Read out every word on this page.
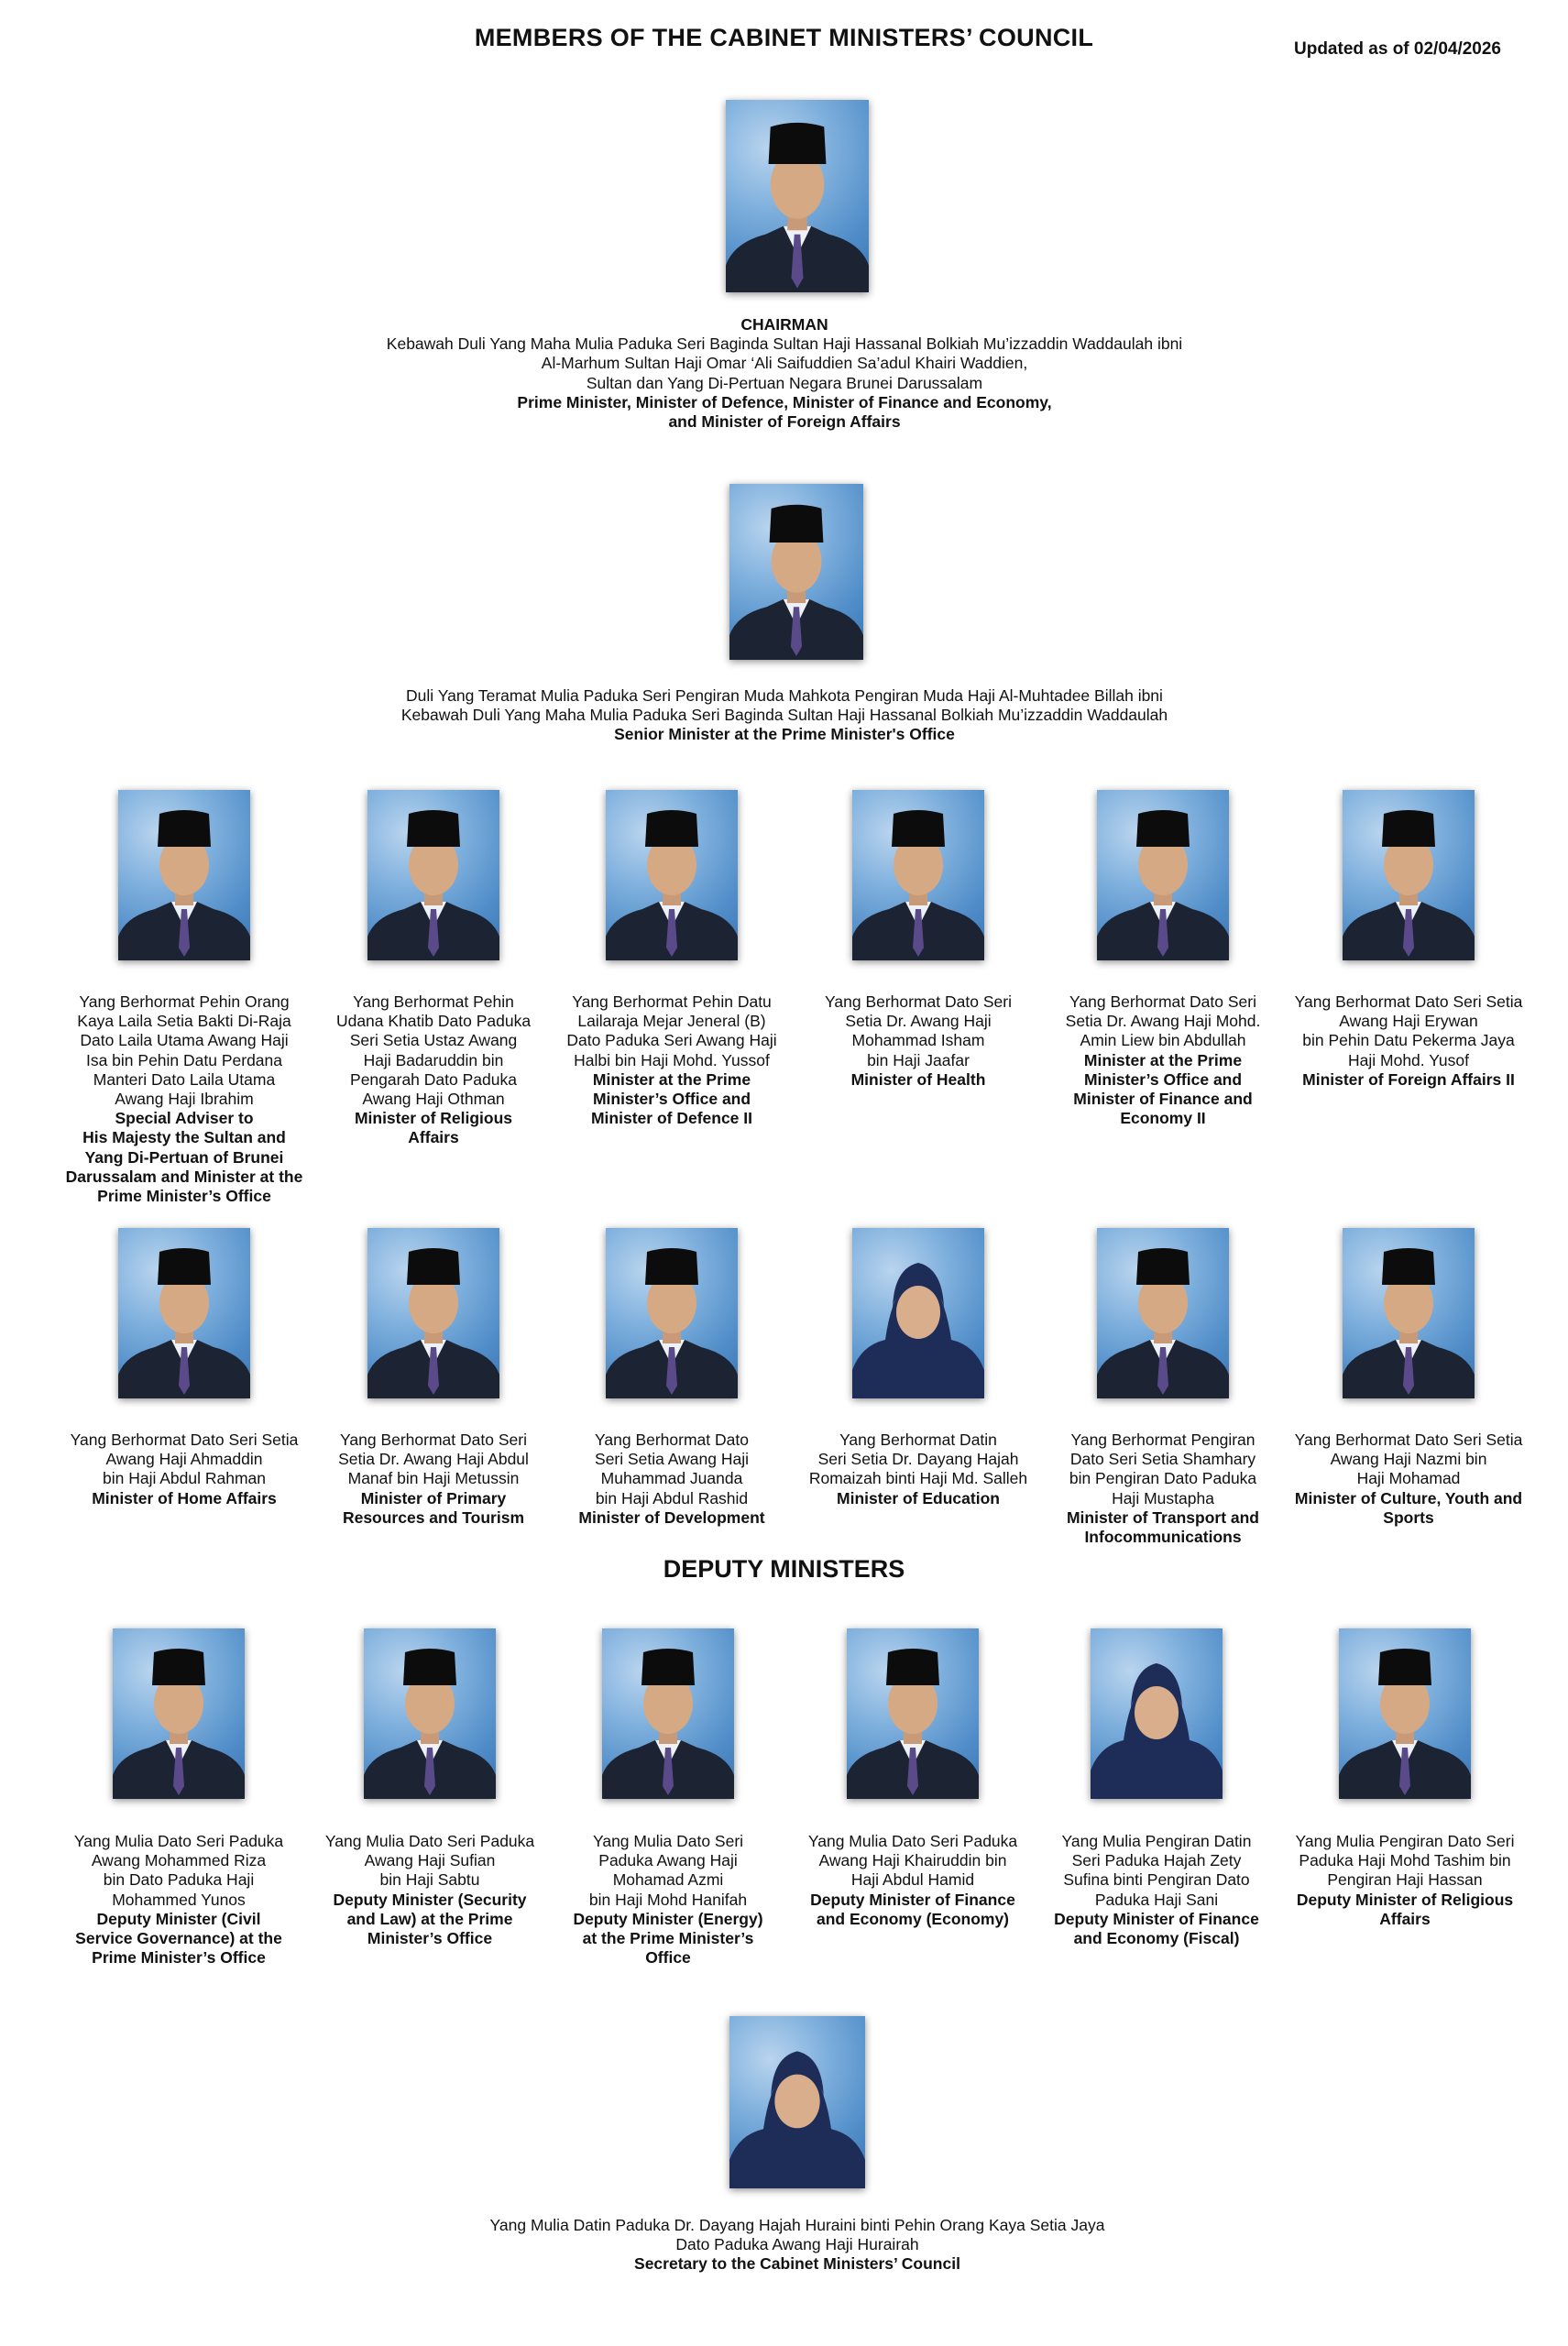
MEMBERS OF THE CABINET MINISTERS’ COUNCIL	Updated as of 02/04/2026
CHAIRMAN
Kebawah Duli Yang Maha Mulia Paduka Seri Baginda Sultan Haji Hassanal Bolkiah Mu’izzaddin Waddaulah ibni
Al-Marhum Sultan Haji Omar ‘Ali Saifuddien Sa’adul Khairi Waddien,
Sultan dan Yang Di-Pertuan Negara Brunei Darussalam
Prime Minister, Minister of Defence, Minister of Finance and Economy,
and Minister of Foreign Affairs
Duli Yang Teramat Mulia Paduka Seri Pengiran Muda Mahkota Pengiran Muda Haji Al-Muhtadee Billah ibni
Kebawah Duli Yang Maha Mulia Paduka Seri Baginda Sultan Haji Hassanal Bolkiah Mu’izzaddin Waddaulah
Senior Minister at the Prime Minister's Office
Yang Berhormat Pehin Orang
Kaya Laila Setia Bakti Di-Raja
Dato Laila Utama Awang Haji
Isa bin Pehin Datu Perdana
Manteri Dato Laila Utama
Awang Haji Ibrahim
Special Adviser to
His Majesty the Sultan and
Yang Di-Pertuan of Brunei
Darussalam and Minister at the
Prime Minister’s Office
Yang Berhormat Pehin
Udana Khatib Dato Paduka
Seri Setia Ustaz Awang
Haji Badaruddin bin
Pengarah Dato Paduka
Awang Haji Othman
Minister of Religious
Affairs
Yang Berhormat Pehin Datu
Lailaraja Mejar Jeneral (B)
Dato Paduka Seri Awang Haji
Halbi bin Haji Mohd. Yussof
Minister at the Prime
Minister’s Office and
Minister of Defence II
Yang Berhormat Dato Seri
Setia Dr. Awang Haji
Mohammad Isham
bin Haji Jaafar
Minister of Health
Yang Berhormat Dato Seri
Setia Dr. Awang Haji Mohd.
Amin Liew bin Abdullah
Minister at the Prime
Minister’s Office and
Minister of Finance and
Economy II
Yang Berhormat Dato Seri Setia
Awang Haji Erywan
bin Pehin Datu Pekerma Jaya
Haji Mohd. Yusof
Minister of Foreign Affairs II
Yang Berhormat Dato Seri Setia
Awang Haji Ahmaddin
bin Haji Abdul Rahman
Minister of Home Affairs
Yang Berhormat Dato Seri
Setia Dr. Awang Haji Abdul
Manaf bin Haji Metussin
Minister of Primary
Resources and Tourism
Yang Berhormat Dato
Seri Setia Awang Haji
Muhammad Juanda
bin Haji Abdul Rashid
Minister of Development
Yang Berhormat Datin
Seri Setia Dr. Dayang Hajah
Romaizah binti Haji Md. Salleh
Minister of Education
Yang Berhormat Pengiran
Dato Seri Setia Shamhary
bin Pengiran Dato Paduka
Haji Mustapha
Minister of Transport and
Infocommunications
Yang Berhormat Dato Seri Setia
Awang Haji Nazmi bin
Haji Mohamad
Minister of Culture, Youth and
Sports
DEPUTY MINISTERS
Yang Mulia Dato Seri Paduka
Awang Mohammed Riza
bin Dato Paduka Haji
Mohammed Yunos
Deputy Minister (Civil
Service Governance) at the
Prime Minister’s Office
Yang Mulia Dato Seri Paduka
Awang Haji Sufian
bin Haji Sabtu
Deputy Minister (Security
and Law) at the Prime
Minister’s Office
Yang Mulia Dato Seri
Paduka Awang Haji
Mohamad Azmi
bin Haji Mohd Hanifah
Deputy Minister (Energy)
at the Prime Minister’s
Office
Yang Mulia Dato Seri Paduka
Awang Haji Khairuddin bin
Haji Abdul Hamid
Deputy Minister of Finance
and Economy (Economy)
Yang Mulia Pengiran Datin
Seri Paduka Hajah Zety
Sufina binti Pengiran Dato
Paduka Haji Sani
Deputy Minister of Finance
and Economy (Fiscal)
Yang Mulia Pengiran Dato Seri
Paduka Haji Mohd Tashim bin
Pengiran Haji Hassan
Deputy Minister of Religious
Affairs
Yang Mulia Datin Paduka Dr. Dayang Hajah Huraini binti Pehin Orang Kaya Setia Jaya
Dato Paduka Awang Haji Hurairah
Secretary to the Cabinet Ministers’ Council
